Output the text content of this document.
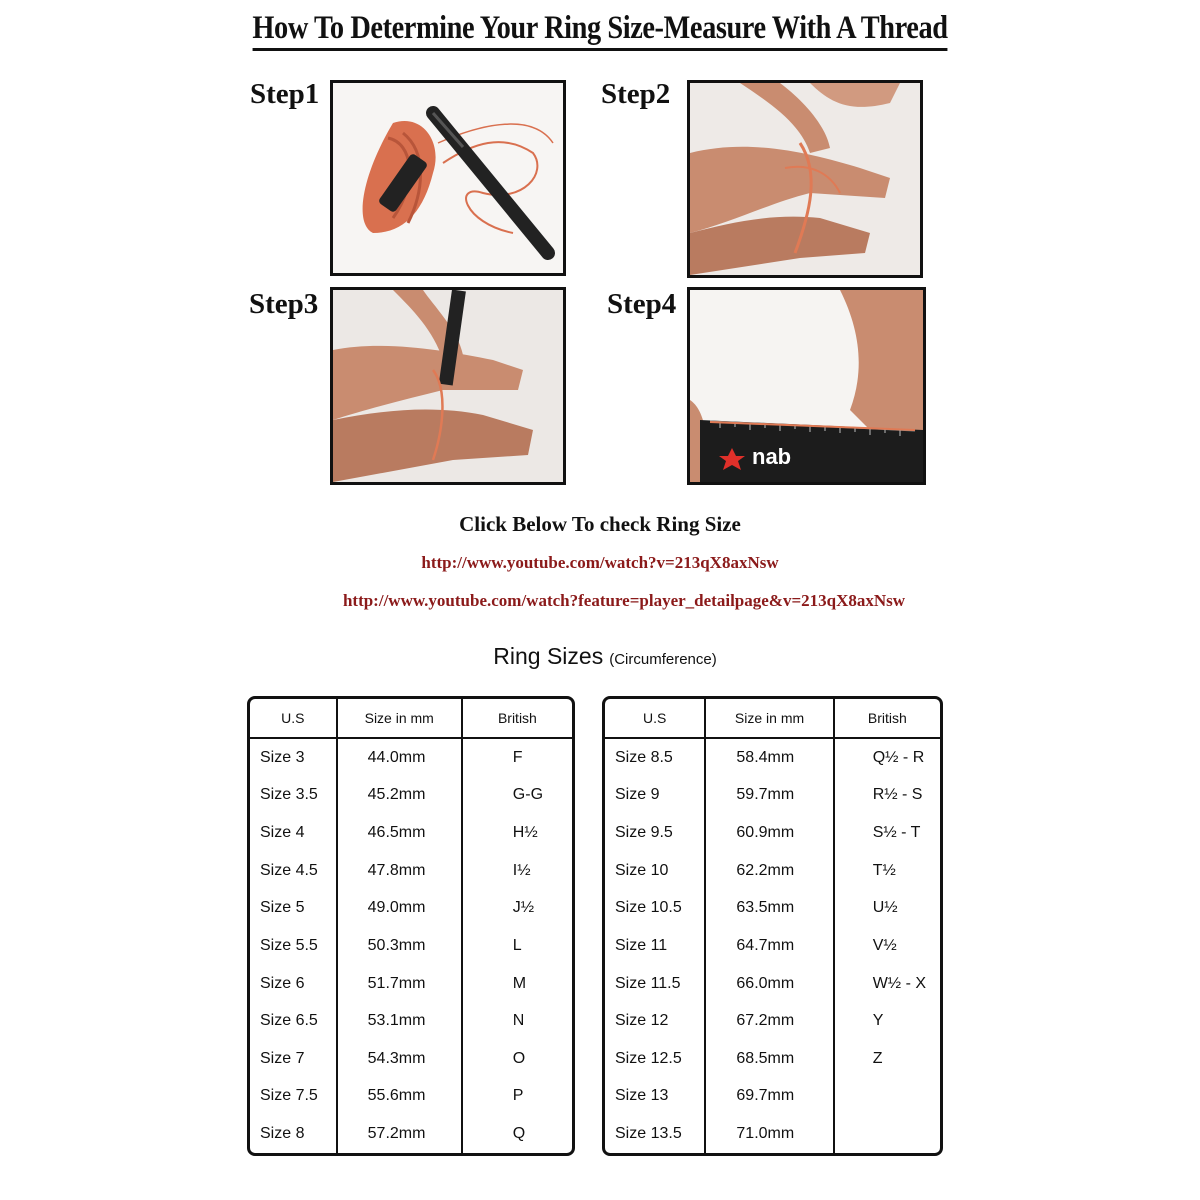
How To Determine Your Ring Size-Measure With A Thread
Step1	Step2
Step3	Step4
nab
Click Below To check Ring Size
http://www.youtube.com/watch?v=213qX8axNsw
http://www.youtube.com/watch?feature=player_detailpage&v=213qX8axNsw
Ring Sizes (Circumference)
U.S	Size in mm	British
Size 3	44.0mm	F
Size 3.5	45.2mm	G-G
Size 4	46.5mm	H½
Size 4.5	47.8mm	I½
Size 5	49.0mm	J½
Size 5.5	50.3mm	L
Size 6	51.7mm	M
Size 6.5	53.1mm	N
Size 7	54.3mm	O
Size 7.5	55.6mm	P
Size 8	57.2mm	Q
U.S	Size in mm	British
Size 8.5	58.4mm	Q½ - R
Size 9	59.7mm	R½ - S
Size 9.5	60.9mm	S½ - T
Size 10	62.2mm	T½
Size 10.5	63.5mm	U½
Size 11	64.7mm	V½
Size 11.5	66.0mm	W½ - X
Size 12	67.2mm	Y
Size 12.5	68.5mm	Z
Size 13	69.7mm	
Size 13.5	71.0mm	
